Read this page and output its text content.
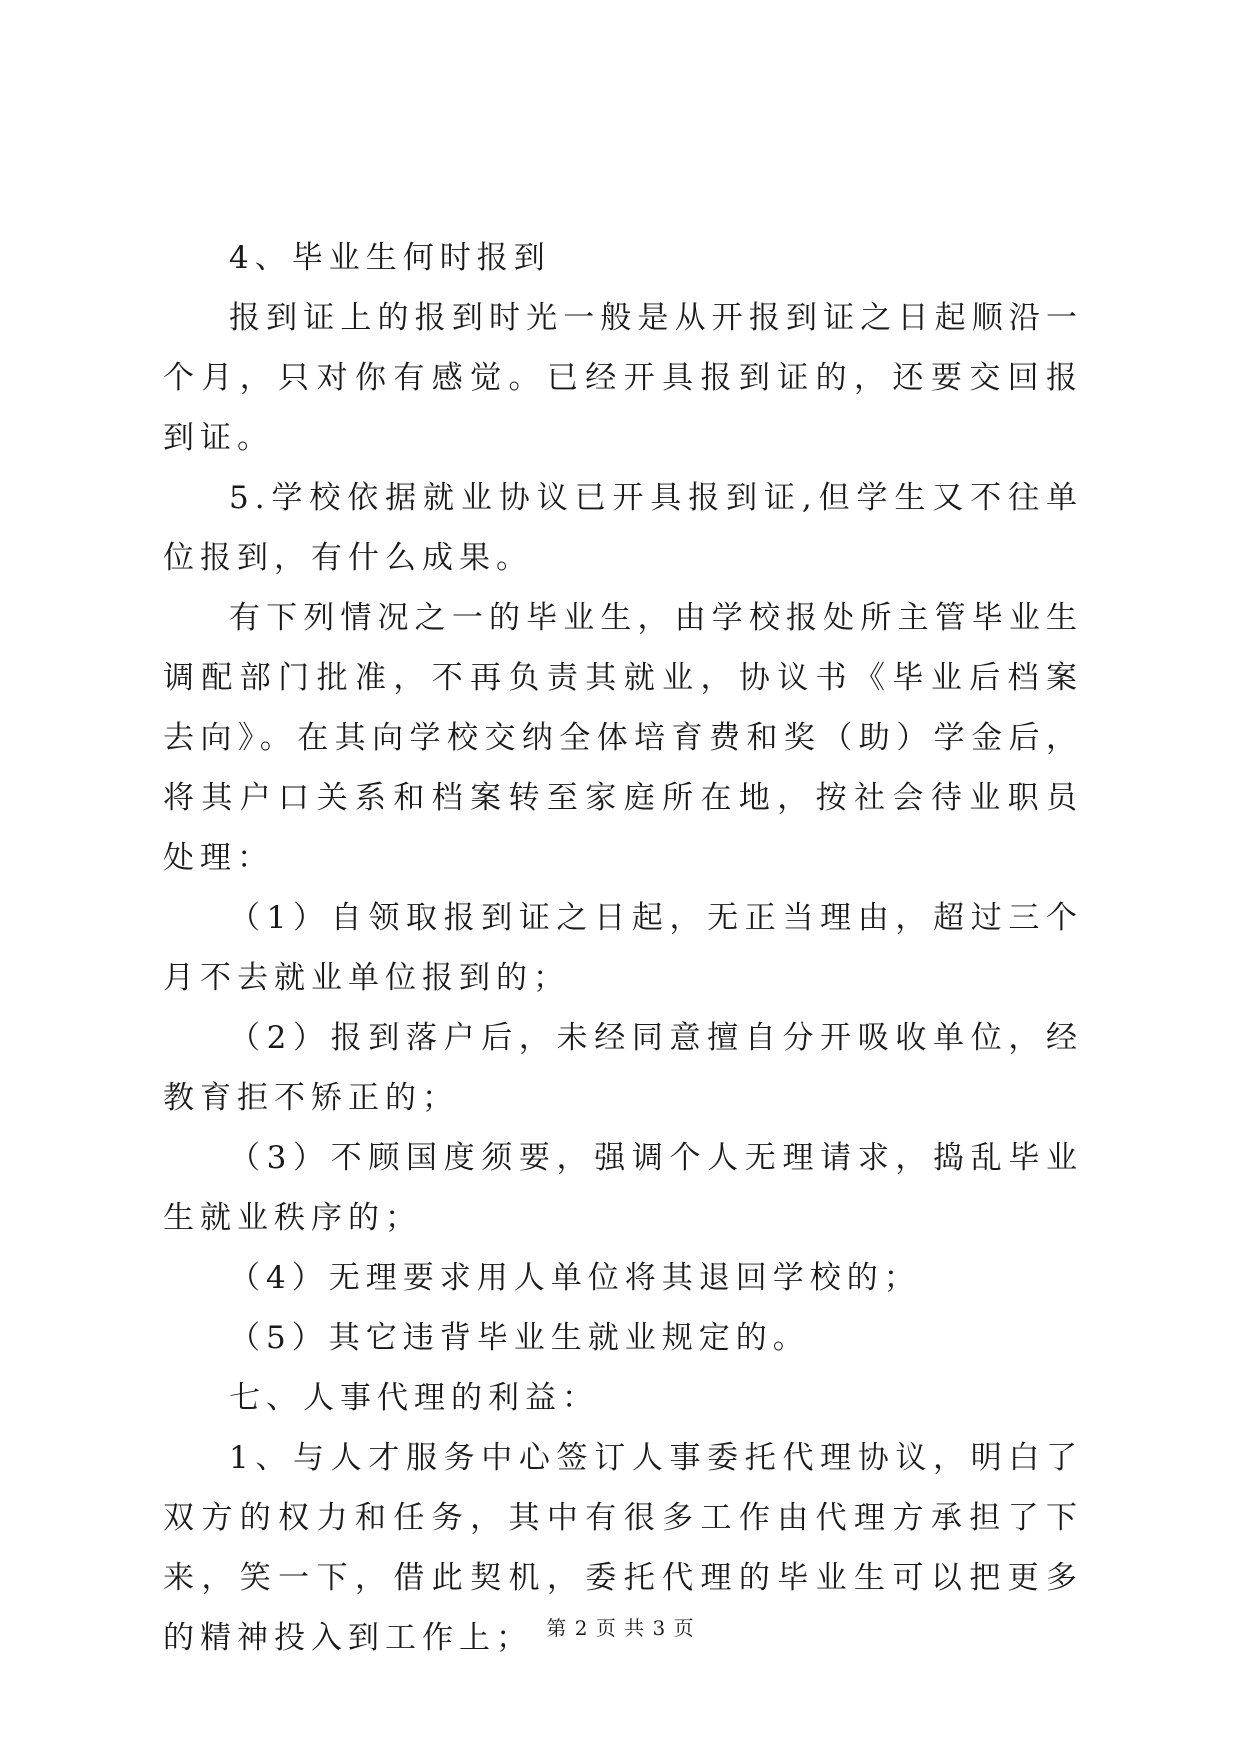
4、毕业生何时报到

报到证上的报到时光一般是从开报到证之日起顺沿一个月，只对你有感觉。已经开具报到证的，还要交回报到证。

5.学校依据就业协议已开具报到证,但学生又不往单位报到，有什么成果。

有下列情况之一的毕业生，由学校报处所主管毕业生调配部门批准，不再负责其就业，协议书《毕业后档案去向》。在其向学校交纳全体培育费和奖（助）学金后，将其户口关系和档案转至家庭所在地，按社会待业职员处理：

（1）自领取报到证之日起，无正当理由，超过三个月不去就业单位报到的；

（2）报到落户后，未经同意擅自分开吸收单位，经教育拒不矫正的；

（3）不顾国度须要，强调个人无理请求，捣乱毕业生就业秩序的；

（4）无理要求用人单位将其退回学校的；

（5）其它违背毕业生就业规定的。

七、人事代理的利益：

1、与人才服务中心签订人事委托代理协议，明白了双方的权力和任务，其中有很多工作由代理方承担了下来，笑一下，借此契机，委托代理的毕业生可以把更多的精神投入到工作上； 第 2 页 共 3 页
